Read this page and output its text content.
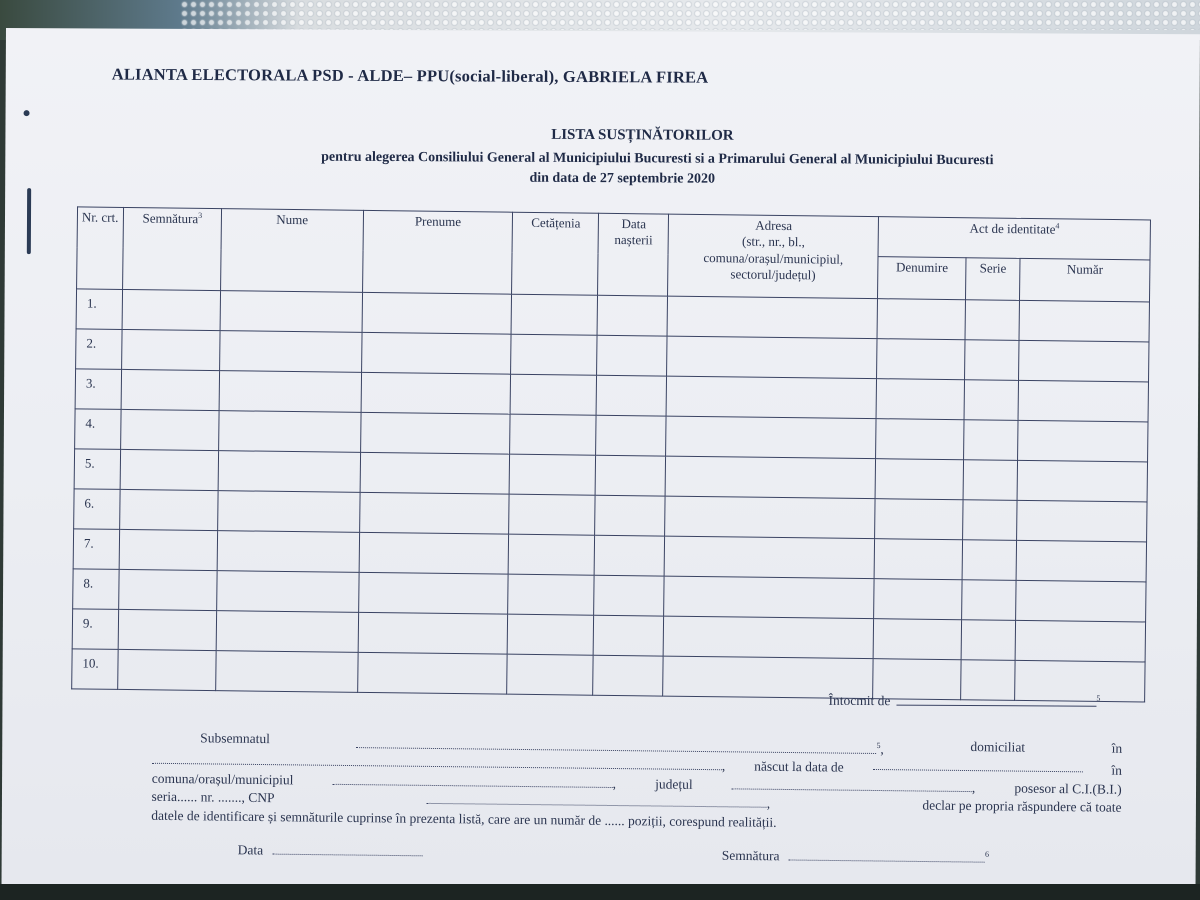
ALIANTA ELECTORALA PSD - ALDE– PPU(social-liberal), GABRIELA FIREA
LISTA SUSȚINĂTORILOR
pentru alegerea Consiliului General al Municipiului Bucuresti si a Primarului General al Municipiului Bucuresti
din data de 27 septembrie 2020
Nr. crt.	Semnătura$^3$	Nume	Prenume	Cetățenia	Data nașterii	Adresa
(str., nr., bl.,
comuna/orașul/municipiul,
sectorul/județul)	Act de identitate$^4$
							Denumire	Serie	Număr
1.									
2.									
3.									
4.									
5.									
6.									
7.									
8.									
9.									
10.									
Întocmit de	$^5$
Subsemnatul	$^5$,	domiciliat	în
, născut la data de	în
comuna/orașul/municipiul	,	județul	,	posesor al C.I.(B.I.)
seria...... nr. ......., CNP	,	declar pe propria răspundere că toate
datele de identificare și semnăturile cuprinse în prezenta listă, care are un număr de ...... poziții, corespund realității.
Data	Semnătura	6
